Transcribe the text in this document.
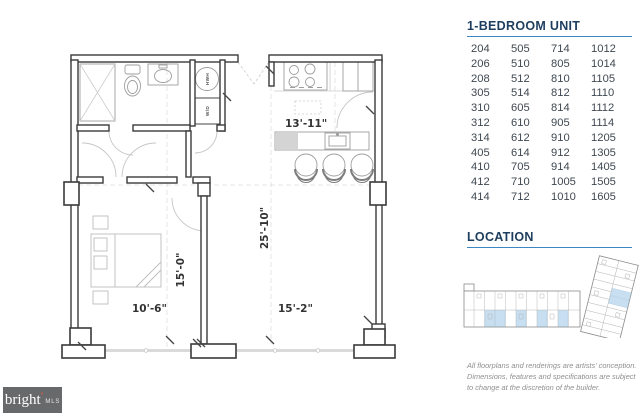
HWH
W/D
13'-11"
25'-10"
15'-0"
10'-6"	15'-2"
1-BEDROOM UNIT
204
206
208
305
310
312
314
405
410
412
414
505
510
512
514
605
610
612
614
705
710
712
714
805
810
812
814
905
910
912
914
1005
1010
1012
1014
1105
1110
1112
1114
1205
1305
1405
1505
1605
LOCATION
All floorplans and renderings are artists' conception.
Dimensions, features and specifications are subject
to change at the discretion of the builder.
bright *
MLS
